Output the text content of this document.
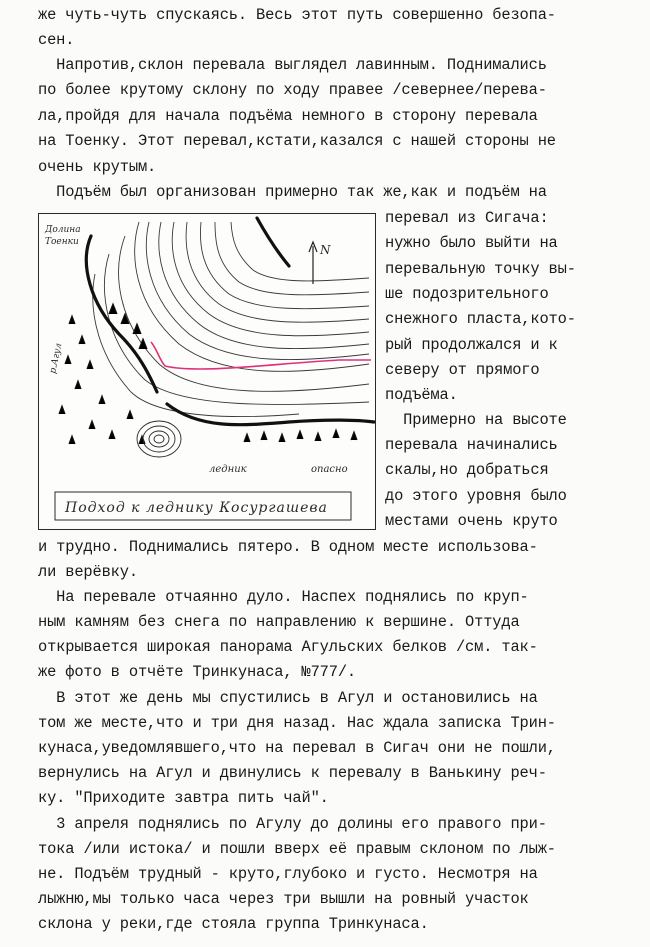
же чуть-чуть спускаясь. Весь этот путь совершенно безопа-
сен.
Напротив,склон перевала выглядел лавинным. Поднимались
по более крутому склону по ходу правее /севернее/перева-
ла,пройдя для начала подъёма немного в сторону перевала
на Тоенку. Этот перевал,кстати,казался с нашей стороны не
очень крутым.
Подъём был организован примерно так же,как и подъём на
N
Долина
Тоенки
р.Агул
ледник	опасно
Подход к леднику Косургашева
перевал из Сигача:
нужно было выйти на
перевальную точку вы-
ше подозрительного
снежного пласта,кото-
рый продолжался и к
северу от прямого
подъёма.
Примерно на высоте
перевала начинались
скалы,но добраться
до этого уровня было
местами очень круто
и трудно. Поднимались пятеро. В одном месте использова-
ли верёвку.
На перевале отчаянно дуло. Наспех поднялись по круп-
ным камням без снега по направлению к вершине. Оттуда
открывается широкая панорама Агульских белков /см. так-
же фото в отчёте Тринкунаса, №777/.
В этот же день мы спустились в Агул и остановились на
том же месте,что и три дня назад. Нас ждала записка Трин-
кунаса,уведомлявшего,что на перевал в Сигач они не пошли,
вернулись на Агул и двинулись к перевалу в Ванькину реч-
ку. "Приходите завтра пить чай".
3 апреля поднялись по Агулу до долины его правого при-
тока /или истока/ и пошли вверх её правым склоном по лыж-
не. Подъём трудный - круто,глубоко и густо. Несмотря на
лыжню,мы только часа через три вышли на ровный участок
склона у реки,где стояла группа Тринкунаса.
